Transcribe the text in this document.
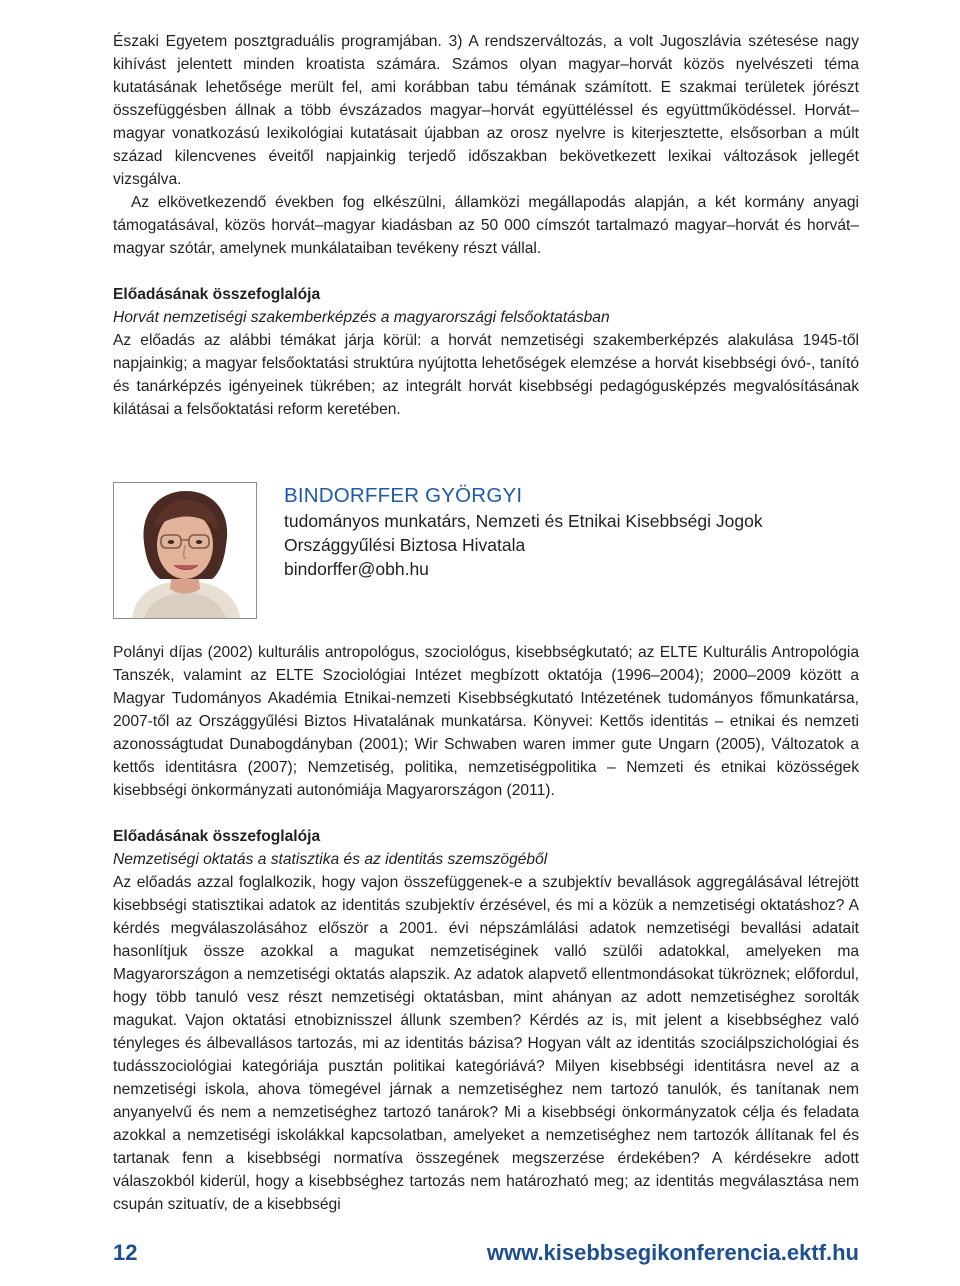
Északi Egyetem posztgraduális programjában. 3) A rendszerváltozás, a volt Jugoszlávia szétesése nagy kihívást jelentett minden kroatista számára. Számos olyan magyar–horvát közös nyelvészeti téma kutatásának lehetősége merült fel, ami korábban tabu témának számított. E szakmai területek jórészt összefüggésben állnak a több évszázados magyar–horvát együttéléssel és együttműködéssel. Horvát–magyar vonatkozású lexikológiai kutatásait újabban az orosz nyelvre is kiterjesztette, elsősorban a múlt század kilencvenes éveitől napjainkig terjedő időszakban bekövetkezett lexikai változások jellegét vizsgálva.

Az elkövetkezendő években fog elkészülni, államközi megállapodás alapján, a két kormány anyagi támogatásával, közös horvát–magyar kiadásban az 50 000 címszót tartalmazó magyar–horvát és horvát–magyar szótár, amelynek munkálataiban tevékeny részt vállal.

Előadásának összefoglalója
Horvát nemzetiségi szakemberképzés a magyarországi felsőoktatásban

Az előadás az alábbi témákat járja körül: a horvát nemzetiségi szakemberképzés alakulása 1945-től napjainkig; a magyar felsőoktatási struktúra nyújtotta lehetőségek elemzése a horvát kisebbségi óvó-, tanító és tanárképzés igényeinek tükrében; az integrált horvát kisebbségi pedagógusképzés megvalósításának kilátásai a felsőoktatási reform keretében.

BINDORFFER GYÖRGYI
tudományos munkatárs, Nemzeti és Etnikai Kisebbségi Jogok
Országgyűlési Biztosa Hivatala
bindorffer@obh.hu

Polányi díjas (2002) kulturális antropológus, szociológus, kisebbségkutató; az ELTE Kulturális Antropológia Tanszék, valamint az ELTE Szociológiai Intézet megbízott oktatója (1996–2004); 2000–2009 között a Magyar Tudományos Akadémia Etnikai-nemzeti Kisebbségkutató Intézetének tudományos főmunkatársa, 2007-től az Országgyűlési Biztos Hivatalának munkatársa. Könyvei: Kettős identitás – etnikai és nemzeti azonosságtudat Dunabogdányban (2001); Wir Schwaben waren immer gute Ungarn (2005), Változatok a kettős identitásra (2007); Nemzetiség, politika, nemzetiségpolitika – Nemzeti és etnikai közösségek kisebbségi önkormányzati autonómiája Magyarországon (2011).

Előadásának összefoglalója
Nemzetiségi oktatás a statisztika és az identitás szemszögéből

Az előadás azzal foglalkozik, hogy vajon összefüggenek-e a szubjektív bevallások aggregálásával létrejött kisebbségi statisztikai adatok az identitás szubjektív érzésével, és mi a közük a nemzetiségi oktatáshoz? A kérdés megválaszolásához először a 2001. évi népszámlálási adatok nemzetiségi bevallási adatait hasonlítjuk össze azokkal a magukat nemzetiséginek valló szülői adatokkal, amelyeken ma Magyarországon a nemzetiségi oktatás alapszik. Az adatok alapvető ellentmondásokat tükröznek; előfordul, hogy több tanuló vesz részt nemzetiségi oktatásban, mint ahányan az adott nemzetiséghez sorolták magukat. Vajon oktatási etnobiznisszel állunk szemben? Kérdés az is, mit jelent a kisebbséghez való tényleges és álbevallásos tartozás, mi az identitás bázisa? Hogyan vált az identitás szociálpszichológiai és tudásszociológiai kategóriája pusztán politikai kategóriává? Milyen kisebbségi identitásra nevel az a nemzetiségi iskola, ahova tömegével járnak a nemzetiséghez nem tartozó tanulók, és tanítanak nem anyanyelvű és nem a nemzetiséghez tartozó tanárok? Mi a kisebbségi önkormányzatok célja és feladata azokkal a nemzetiségi iskolákkal kapcsolatban, amelyeket a nemzetiséghez nem tartozók állítanak fel és tartanak fenn a kisebbségi normatíva összegének megszerzése érdekében? A kérdésekre adott válaszokból kiderül, hogy a kisebbséghez tartozás nem határozható meg; az identitás megválasztása nem csupán szituatív, de a kisebbségi

12	www.kisebbsegikonferencia.ektf.hu
